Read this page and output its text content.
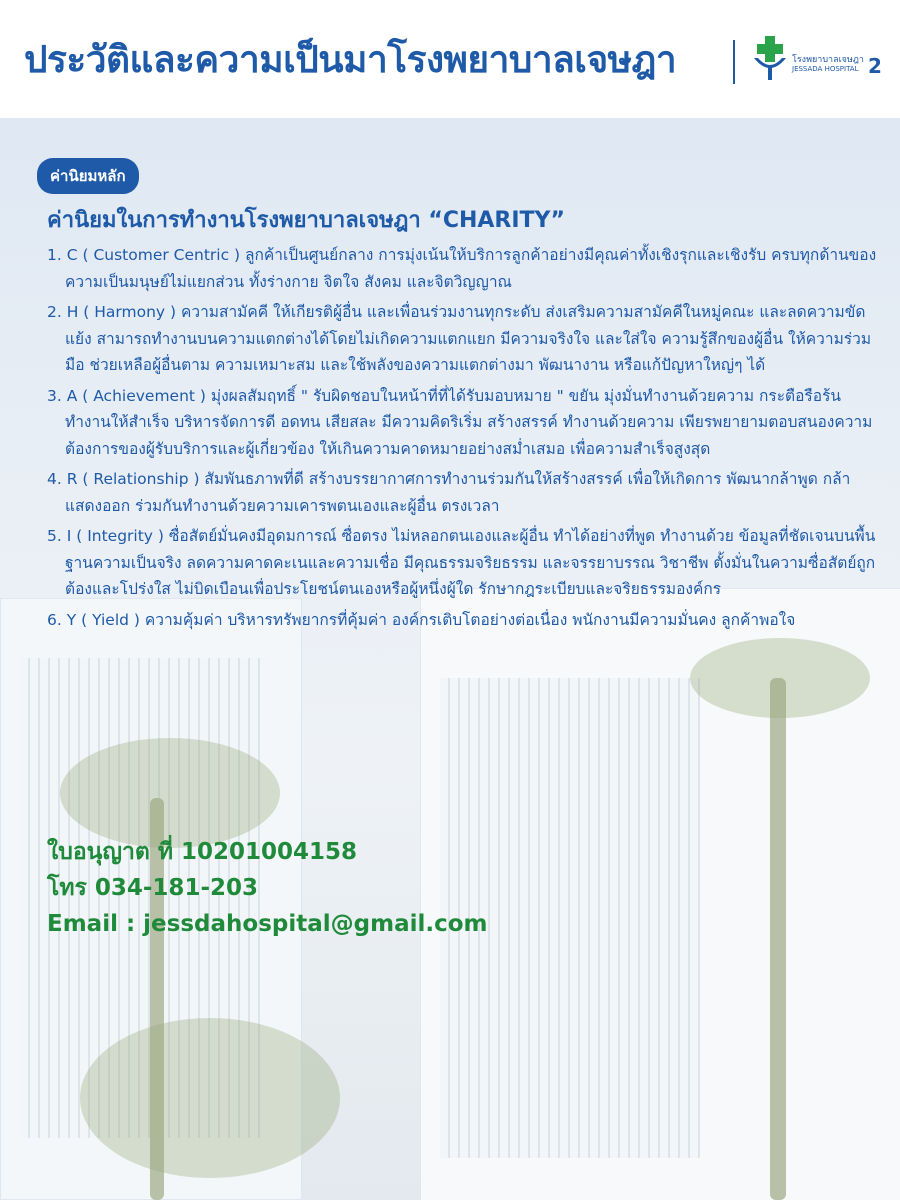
ประวัติและความเป็นมาโรงพยาบาลเจษฎา	โรงพยาบาลเจษฎา
JESSADA HOSPITAL 2
ค่านิยมหลัก
ค่านิยมในการทำงานโรงพยาบาลเจษฎา “CHARITY”
1. C ( Customer Centric ) ลูกค้าเป็นศูนย์กลาง การมุ่งเน้นให้บริการลูกค้าอย่างมีคุณค่าทั้งเชิงรุกและเชิงรับ ครบทุกด้านของความเป็นมนุษย์ไม่แยกส่วน ทั้งร่างกาย จิตใจ สังคม และจิตวิญญาณ
2. H ( Harmony ) ความสามัคคี ให้เกียรติผู้อื่น และเพื่อนร่วมงานทุกระดับ ส่งเสริมความสามัคคีในหมู่คณะ และลดความขัดแย้ง สามารถทำงานบนความแตกต่างได้โดยไม่เกิดความแตกแยก มีความจริงใจ และใส่ใจ ความรู้สึกของผู้อื่น ให้ความร่วมมือ ช่วยเหลือผู้อื่นตาม ความเหมาะสม และใช้พลังของความแตกต่างมา พัฒนางาน หรือแก้ปัญหาใหญ่ๆ ได้
3. A ( Achievement ) มุ่งผลสัมฤทธิ์ " รับผิดชอบในหน้าที่ที่ได้รับมอบหมาย " ขยัน มุ่งมั่นทำงานด้วยความ กระตือรือร้น ทำงานให้สำเร็จ บริหารจัดการดี อดทน เสียสละ มีความคิดริเริ่ม สร้างสรรค์ ทำงานด้วยความ เพียรพยายามตอบสนองความต้องการของผู้รับบริการและผู้เกี่ยวข้อง ให้เกินความคาดหมายอย่างสม่ำเสมอ เพื่อความสำเร็จสูงสุด
4. R ( Relationship ) สัมพันธภาพที่ดี สร้างบรรยากาศการทำงานร่วมกันให้สร้างสรรค์ เพื่อให้เกิดการ พัฒนากล้าพูด กล้าแสดงออก ร่วมกันทำงานด้วยความเคารพตนเองและผู้อื่น ตรงเวลา
5. I ( Integrity ) ซื่อสัตย์มั่นคงมีอุดมการณ์ ซื่อตรง ไม่หลอกตนเองและผู้อื่น ทำได้อย่างที่พูด ทำงานด้วย ข้อมูลที่ชัดเจนบนพื้นฐานความเป็นจริง ลดความคาดคะเนและความเชื่อ มีคุณธรรมจริยธรรม และจรรยาบรรณ วิชาชีพ ตั้งมั่นในความซื่อสัตย์ถูกต้องและโปร่งใส ไม่บิดเบือนเพื่อประโยชน์ตนเองหรือผู้หนึ่งผู้ใด รักษากฎระเบียบและจริยธรรมองค์กร
6. Y ( Yield ) ความคุ้มค่า บริหารทรัพยากรที่คุ้มค่า องค์กรเติบโตอย่างต่อเนื่อง พนักงานมีความมั่นคง ลูกค้าพอใจ
ใบอนุญาต ที่ 10201004158
โทร 034-181-203
Email : jessdahospital@gmail.com
